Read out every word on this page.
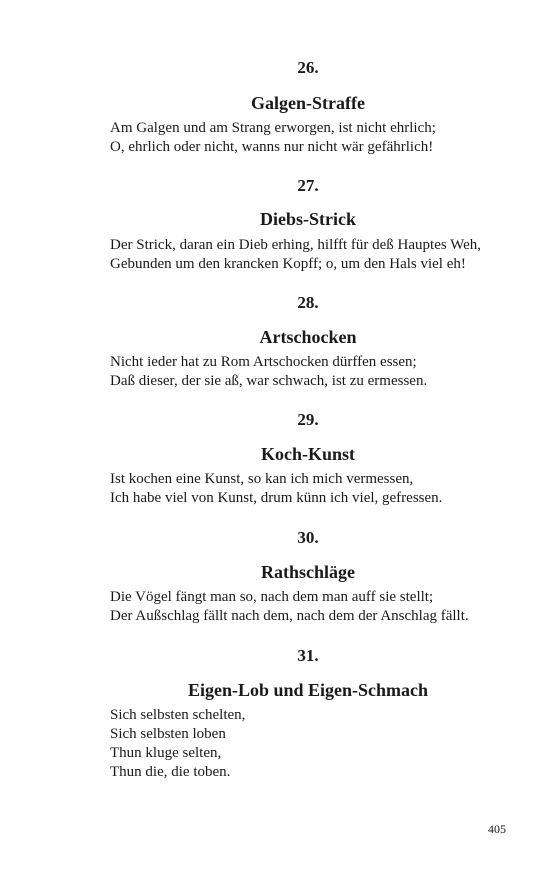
26.
Galgen-Straffe
Am Galgen und am Strang erworgen, ist nicht ehrlich;
O, ehrlich oder nicht, wanns nur nicht wär gefährlich!
27.
Diebs-Strick
Der Strick, daran ein Dieb erhing, hilfft für deß Hauptes Weh,
Gebunden um den krancken Kopff; o, um den Hals viel eh!
28.
Artschocken
Nicht ieder hat zu Rom Artschocken dürffen essen;
Daß dieser, der sie aß, war schwach, ist zu ermessen.
29.
Koch-Kunst
Ist kochen eine Kunst, so kan ich mich vermessen,
Ich habe viel von Kunst, drum künn ich viel, gefressen.
30.
Rathschläge
Die Vögel fängt man so, nach dem man auff sie stellt;
Der Außschlag fällt nach dem, nach dem der Anschlag fällt.
31.
Eigen-Lob und Eigen-Schmach
Sich selbsten schelten,
Sich selbsten loben
Thun kluge selten,
Thun die, die toben.
405
